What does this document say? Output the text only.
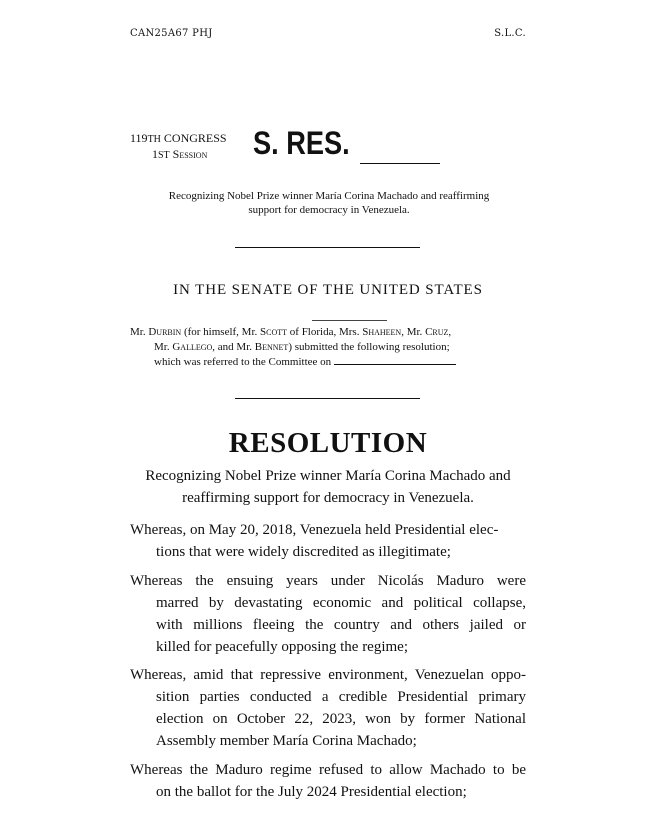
CAN25A67 PHJ	S.L.C.
119TH CONGRESS
1ST Session	S. RES.
Recognizing Nobel Prize winner María Corina Machado and reaffirming
support for democracy in Venezuela.
IN THE SENATE OF THE UNITED STATES
Mr. Durbin (for himself, Mr. Scott of Florida, Mrs. Shaheen, Mr. Cruz,
Mr. Gallego, and Mr. Bennet) submitted the following resolution;
which was referred to the Committee on
RESOLUTION
Recognizing Nobel Prize winner María Corina Machado and
reaffirming support for democracy in Venezuela.
Whereas, on May 20, 2018, Venezuela held Presidential elec-
tions that were widely discredited as illegitimate;
Whereas the ensuing years under Nicolás Maduro were
marred by devastating economic and political collapse,
with millions fleeing the country and others jailed or
killed for peacefully opposing the regime;
Whereas, amid that repressive environment, Venezuelan oppo-
sition parties conducted a credible Presidential primary
election on October 22, 2023, won by former National
Assembly member María Corina Machado;
Whereas the Maduro regime refused to allow Machado to be
on the ballot for the July 2024 Presidential election;
